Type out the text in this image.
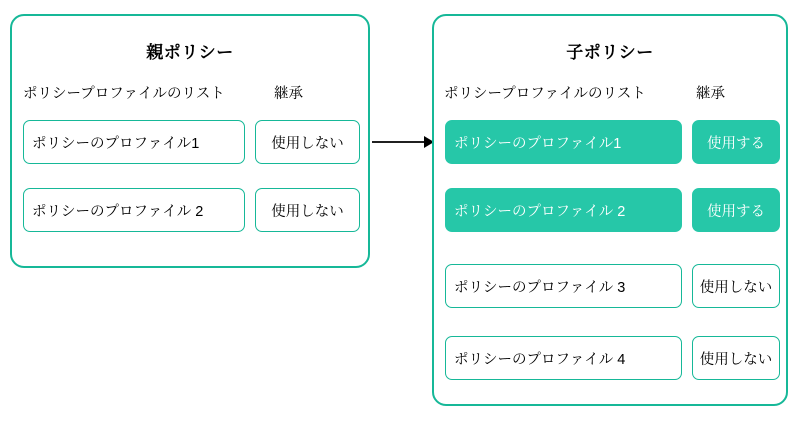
親ポリシー
ポリシープロファイルのリスト	継承
ポリシーのプロファイル1	使用しない
ポリシーのプロファイル 2	使用しない
子ポリシー
ポリシープロファイルのリスト	継承
ポリシーのプロファイル1	使用する
ポリシーのプロファイル 2	使用する
ポリシーのプロファイル 3	使用しない
ポリシーのプロファイル 4	使用しない
